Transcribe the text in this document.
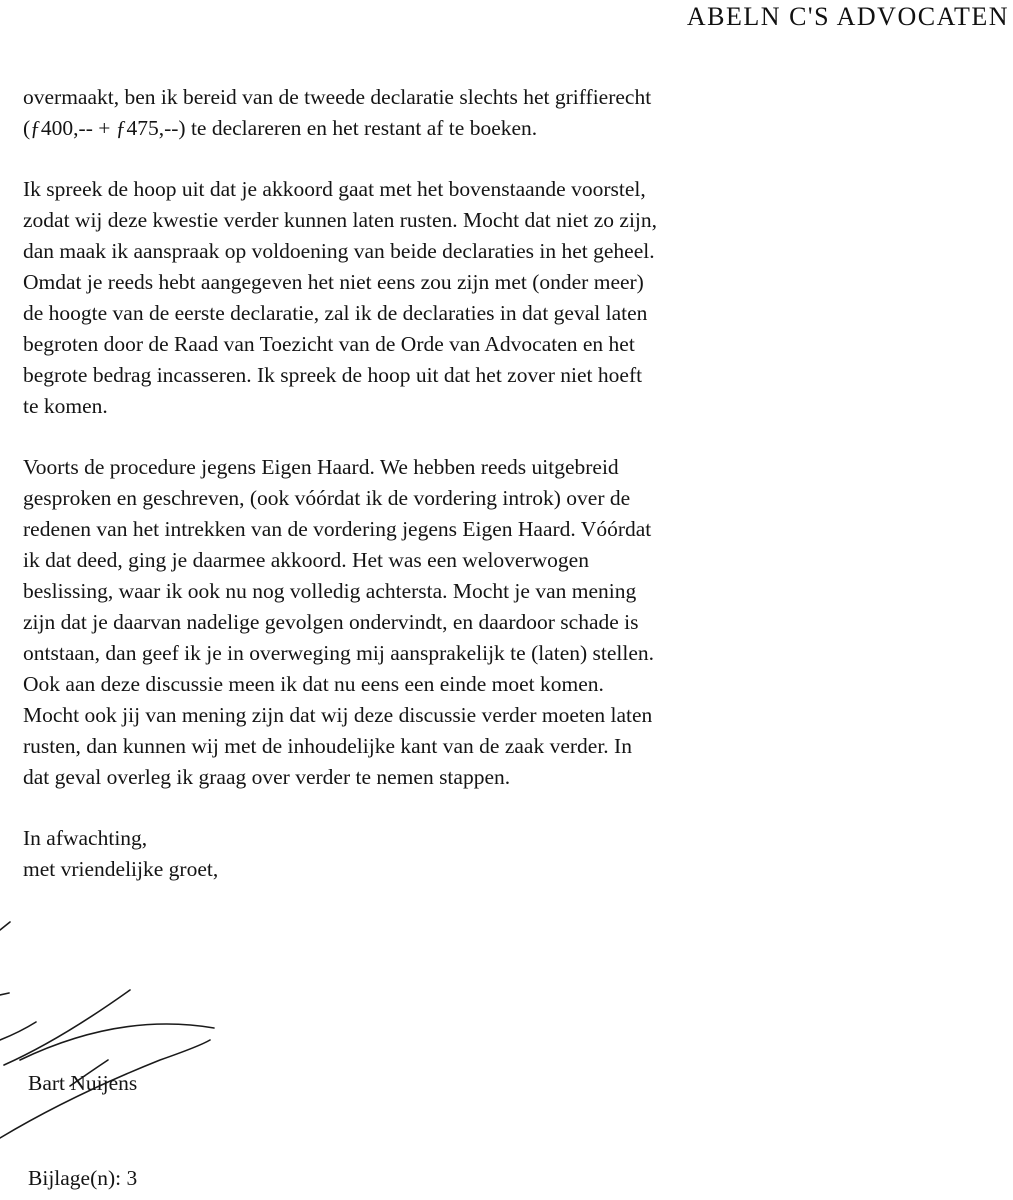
ABELN C'S ADVOCATEN

overmaakt, ben ik bereid van de tweede declaratie slechts het griffierecht
(ƒ400,-- + ƒ475,--) te declareren en het restant af te boeken.

Ik spreek de hoop uit dat je akkoord gaat met het bovenstaande voorstel,
zodat wij deze kwestie verder kunnen laten rusten. Mocht dat niet zo zijn,
dan maak ik aanspraak op voldoening van beide declaraties in het geheel.
Omdat je reeds hebt aangegeven het niet eens zou zijn met (onder meer)
de hoogte van de eerste declaratie, zal ik de declaraties in dat geval laten
begroten door de Raad van Toezicht van de Orde van Advocaten en het
begrote bedrag incasseren. Ik spreek de hoop uit dat het zover niet hoeft
te komen.

Voorts de procedure jegens Eigen Haard. We hebben reeds uitgebreid
gesproken en geschreven, (ook vóórdat ik de vordering introk) over de
redenen van het intrekken van de vordering jegens Eigen Haard. Vóórdat
ik dat deed, ging je daarmee akkoord. Het was een weloverwogen
beslissing, waar ik ook nu nog volledig achtersta. Mocht je van mening
zijn dat je daarvan nadelige gevolgen ondervindt, en daardoor schade is
ontstaan, dan geef ik je in overweging mij aansprakelijk te (laten) stellen.
Ook aan deze discussie meen ik dat nu eens een einde moet komen.
Mocht ook jij van mening zijn dat wij deze discussie verder moeten laten
rusten, dan kunnen wij met de inhoudelijke kant van de zaak verder. In
dat geval overleg ik graag over verder te nemen stappen.

In afwachting,
met vriendelijke groet,

Bart Nuijens
Bijlage(n): 3
